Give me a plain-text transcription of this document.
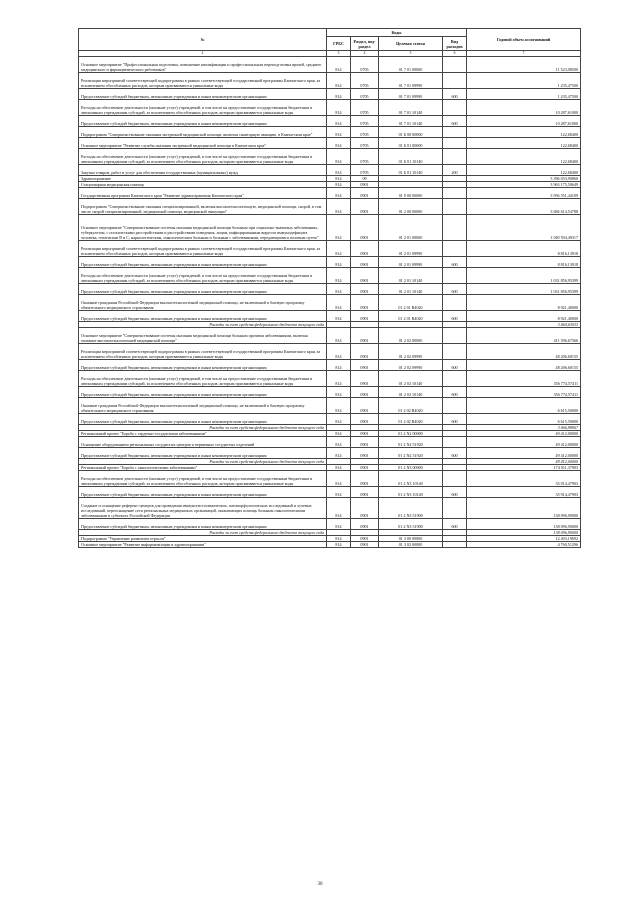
№	Коды				Годовой объем ассигнований
	ГРБС	Раздел, под-раздел	Целевая статья	Вид расходов	
2	3	4	5	6	7
Основное мероприятие "Профессиональная подготовка, повышение квалификации и профессиональная переподготовка врачей, среднего медицинского и фармацевтического работников"	814	0705	01 7 01 00000		11 523,08500
Реализация мероприятий соответствующей подпрограммы в рамках соответствующей государственной программы Камчатского края, за исключением обособленных расходов, которым присваиваются уникальные коды	814	0705	01 7 01 09990		1 235,47500
Предоставление субсидий бюджетным, автономным учреждениям и иным некоммерческим организациям	814	0705	01 7 01 09990	600	1 235,47500
Расходы на обеспечение деятельности (оказание услуг) учреждений, в том числе на предоставление государственным бюджетным и автономным учреждениям субсидий, за исключением обособленных расходов, которым присваиваются уникальные коды	814	0705	01 7 01 10140		10 287,61000
Предоставление субсидий бюджетным, автономным учреждениям и иным некоммерческим организациям	814	0705	01 7 01 10140	600	10 287,61000
Подпрограмма "Совершенствование оказания экстренной медицинской помощи, включая санитарную авиацию, в Камчатском крае"	814	0705	01 Б 00 00000		122,68400
Основное мероприятие "Развитие службы оказания экстренной медицинской помощи в Камчатском крае"	814	0705	01 Б 01 00000		122,68400
Расходы на обеспечение деятельности (оказание услуг) учреждений, в том числе на предоставление государственным бюджетным и автономным учреждениям субсидий, за исключением обособленных расходов, которым присваиваются уникальные коды	814	0705	01 Б 01 10140		122,68400
Закупка товаров, работ и услуг для обеспечения государственных (муниципальных) нужд	814	0705	01 Б 01 10140	200	122,68400
Здравоохранение	814	09			5 396 033,90860
Стационарная медицинская помощь	814	0901			3 963 175,50649
Государственная программа Камчатского края "Развитие здравоохранения Камчатского края"	814	0901	01 0 00 00000		3 956 551,44109
Подпрограмма "Совершенствование оказания специализированной, включая высокотехнологичную, медицинской помощи, скорой, в том числе скорой специализированной, медицинской помощи, медицинской эвакуации"	814	0901	01 2 00 00000		3 684 614,54788
Основное мероприятие "Совершенствование системы оказания медицинской помощи больным при социально-значимых заболеваниях, туберкулезом, с психическими расстройствами и расстройствами поведения, лицам, инфицированным вирусом иммунодефицита человека, гепатитами B и C, наркологическим, онкологическим больным и больным с заболеваниями, передающимися половым путем"	814	0901	01 2 01 00000		1 049 594,49317
Реализация мероприятий соответствующей подпрограммы в рамках соответствующей государственной программы Камчатского края, за исключением обособленных расходов, которым присваиваются уникальные коды	814	0901	01 2 01 09990		8 816,13918
Предоставление субсидий бюджетным, автономным учреждениям и иным некоммерческим организациям	814	0901	01 2 01 09990	600	8 816,13918
Расходы на обеспечение деятельности (оказание услуг) учреждений, в том числе на предоставление государственным бюджетным и автономным учреждениям субсидий, за исключением обособленных расходов, которым присваиваются уникальные коды	814	0901	01 2 01 10140		1 031 856,95399
Предоставление субсидий бюджетным, автономным учреждениям и иным некоммерческим организациям	814	0901	01 2 01 10140	600	1 031 856,95399
Оказание гражданам Российской Федерации высокотехнологичной медицинской помощи, не включенной в базовую программу обязательного медицинского страхования	814	0901	01 2 01 R4020		8 921,40000
Предоставление субсидий бюджетным, автономным учреждениям и иным некоммерческим организациям	814	0901	01 2 01 R4020	600	8 921,40000
Расходы за счет средств федерального бюджета текущего года					3 464,63033
Основное мероприятие "Совершенствование системы оказания медицинской помощи больным прочими заболеваниями, включая оказание высокотехнологичной медицинской помощи"	814	0901	01 2 02 00000		411 596,67566
Реализация мероприятий соответствующей подпрограммы в рамках соответствующей государственной программы Камчатского края, за исключением обособленных расходов, которым присваиваются уникальные коды	814	0901	01 2 02 09990		48 206,60155
Предоставление субсидий бюджетным, автономным учреждениям и иным некоммерческим организациям	814	0901	01 2 02 09990	600	48 206,60155
Расходы на обеспечение деятельности (оказание услуг) учреждений, в том числе на предоставление государственным бюджетным и автономным учреждениям субсидий, за исключением обособленных расходов, которым присваиваются уникальные коды	814	0901	01 2 02 10140		356 774,57411
Предоставление субсидий бюджетным, автономным учреждениям и иным некоммерческим организациям	814	0901	01 2 02 10140	600	356 774,57411
Оказание гражданам Российской Федерации высокотехнологичной медицинской помощи, не включенной в базовую программу обязательного медицинского страхования	814	0901	01 2 02 R4020		6 615,50000
Предоставление субсидий бюджетным, автономным учреждениям и иным некоммерческим организациям	814	0901	01 2 02 R4020	600	6 615,50000
Расходы за счет средств федерального бюджета текущего года					3 066,98967
Региональный проект "Борьба с сердечно-сосудистыми заболеваниями"	814	0901	01 2 N2 00000		49 412,00000
Оснащение оборудованием региональных сосудистых центров и первичных сосудистых отделений	814	0901	01 2 N2 51920		49 412,00000
Предоставление субсидий бюджетным, автономным учреждениям и иным некоммерческим организациям	814	0901	01 2 N2 51920	600	49 412,00000
Расходы за счет средств федерального бюджета текущего года					49 412,00000
Региональный проект "Борьба с онкологическими заболеваниями"	814	0901	01 2 N3 00000		174 011,37903
Расходы на обеспечение деятельности (оказание услуг) учреждений, в том числе на предоставление государственным бюджетным и автономным учреждениям субсидий, за исключением обособленных расходов, которым присваиваются уникальные коды	814	0901	01 2 N3 10140		35 914,47903
Предоставление субсидий бюджетным, автономным учреждениям и иным некоммерческим организациям	814	0901	01 2 N3 10140	600	35 914,47903
Создание и оснащение референс-центров для проведения иммуногистохимических, патоморфологических исследований и лучевых исследований, переоснащение сети региональных медицинских организаций, оказывающих помощь больным онкологическими заболеваниями в субъектах Российской Федерации	814	0901	01 2 N3 51900		138 096,90000
Предоставление субсидий бюджетным, автономным учреждениям и иным некоммерческим организациям	814	0901	01 2 N3 51900	600	138 096,90000
Расходы за счет средств федерального бюджета текущего года					138 096,90000
Подпрограмма "Управление развитием отрасли"	814	0901	01 3 00 00000		12 403,19692
Основное мероприятие "Развитие информатизации в здравоохранении"	814	0901	01 3 02 00000		4 760,51296
30
